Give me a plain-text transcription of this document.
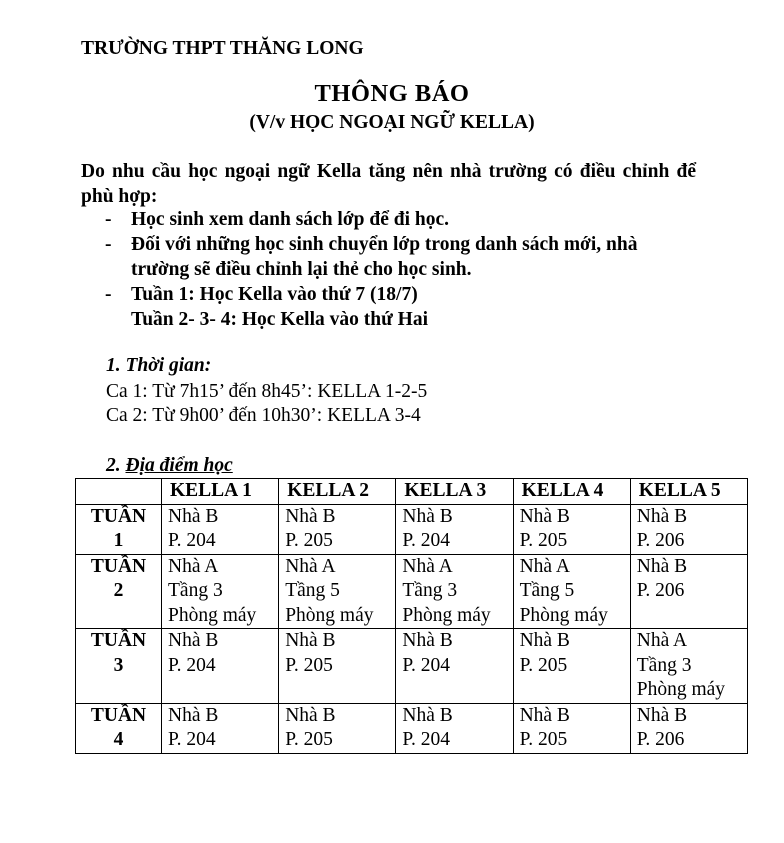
TRƯỜNG THPT THĂNG LONG
THÔNG BÁO
(V/v HỌC NGOẠI NGỮ KELLA)
Do nhu cầu học ngoại ngữ Kella tăng nên nhà trường có điều chỉnh để phù hợp:
- Học sinh xem danh sách lớp để đi học.
- Đối với những học sinh chuyển lớp trong danh sách mới, nhà
trường sẽ điều chỉnh lại thẻ cho học sinh.
- Tuần 1: Học Kella vào thứ 7 (18/7)
Tuần 2- 3- 4: Học Kella vào thứ Hai
1. Thời gian:
Ca 1: Từ 7h15’ đến 8h45’: KELLA 1-2-5
Ca 2: Từ 9h00’ đến 10h30’: KELLA 3-4
2. Địa điểm học
	KELLA 1	KELLA 2	KELLA 3	KELLA 4	KELLA 5

TUẦN
1	Nhà B
P. 204	Nhà B
P. 205	Nhà B
P. 204	Nhà B
P. 205	Nhà B
P. 206

TUẦN
2	Nhà A
Tầng 3
Phòng máy	Nhà A
Tầng 5
Phòng máy	Nhà A
Tầng 3
Phòng máy	Nhà A
Tầng 5
Phòng máy	Nhà B
P. 206

TUẦN
3	Nhà B
P. 204	Nhà B
P. 205	Nhà B
P. 204	Nhà B
P. 205	Nhà A
Tầng 3
Phòng máy

TUẦN
4	Nhà B
P. 204	Nhà B
P. 205	Nhà B
P. 204	Nhà B
P. 205	Nhà B
P. 206
